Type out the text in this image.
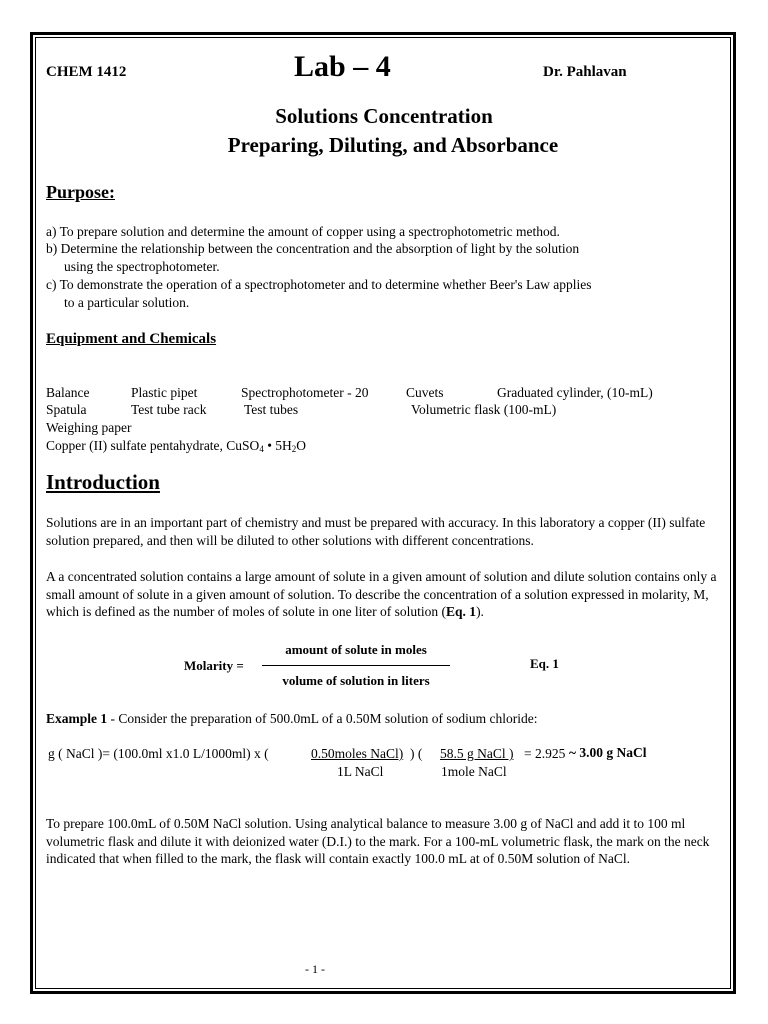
CHEM 1412	Lab – 4	Dr. Pahlavan
Solutions Concentration
Preparing, Diluting, and Absorbance
Purpose:
a) To prepare solution and determine the amount of copper using a spectrophotometric method.
b) Determine the relationship between the concentration and the absorption of light by the solution
using the spectrophotometer.
c) To demonstrate the operation of a spectrophotometer and to determine whether Beer's Law applies
to a particular solution.
Equipment and Chemicals
Balance	Plastic pipet	Spectrophotometer - 20	Cuvets	Graduated cylinder, (10-mL)
Spatula	Test tube rack	Test tubes	Volumetric flask (100-mL)
Weighing paper
Copper (II) sulfate pentahydrate, CuSO$_4$ • $5H_2O$
Introduction
Solutions are in an important part of chemistry and must be prepared with accuracy. In this laboratory a copper (II) sulfate solution prepared, and then will be diluted to other solutions with different concentrations.
A a concentrated solution contains a large amount of solute in a given amount of solution and dilute solution contains only a small amount of solute in a given amount of solution. To describe the concentration of a solution expressed in molarity, M, which is defined as the number of moles of solute in one liter of solution (Eq. 1).
Molarity =
amount of solute in moles
volume of solution in liters
Eq. 1
Example 1 - Consider the preparation of 500.0mL of a 0.50M solution of sodium chloride:
g ( NaCl )= (100.0ml x1.0 L/1000ml) x (	0.50moles NaCl)
1L NaCl
) ( 58.5 g NaCl )
1mole NaCl
= 2.925 ~ 3.00 g NaCl
To prepare 100.0mL of 0.50M NaCl solution. Using analytical balance to measure 3.00 g of NaCl and add it to 100 ml volumetric flask and dilute it with deionized water (D.I.) to the mark. For a 100-mL volumetric flask, the mark on the neck indicated that when filled to the mark, the flask will contain exactly 100.0 mL at of 0.50M solution of NaCl.
- 1 -
